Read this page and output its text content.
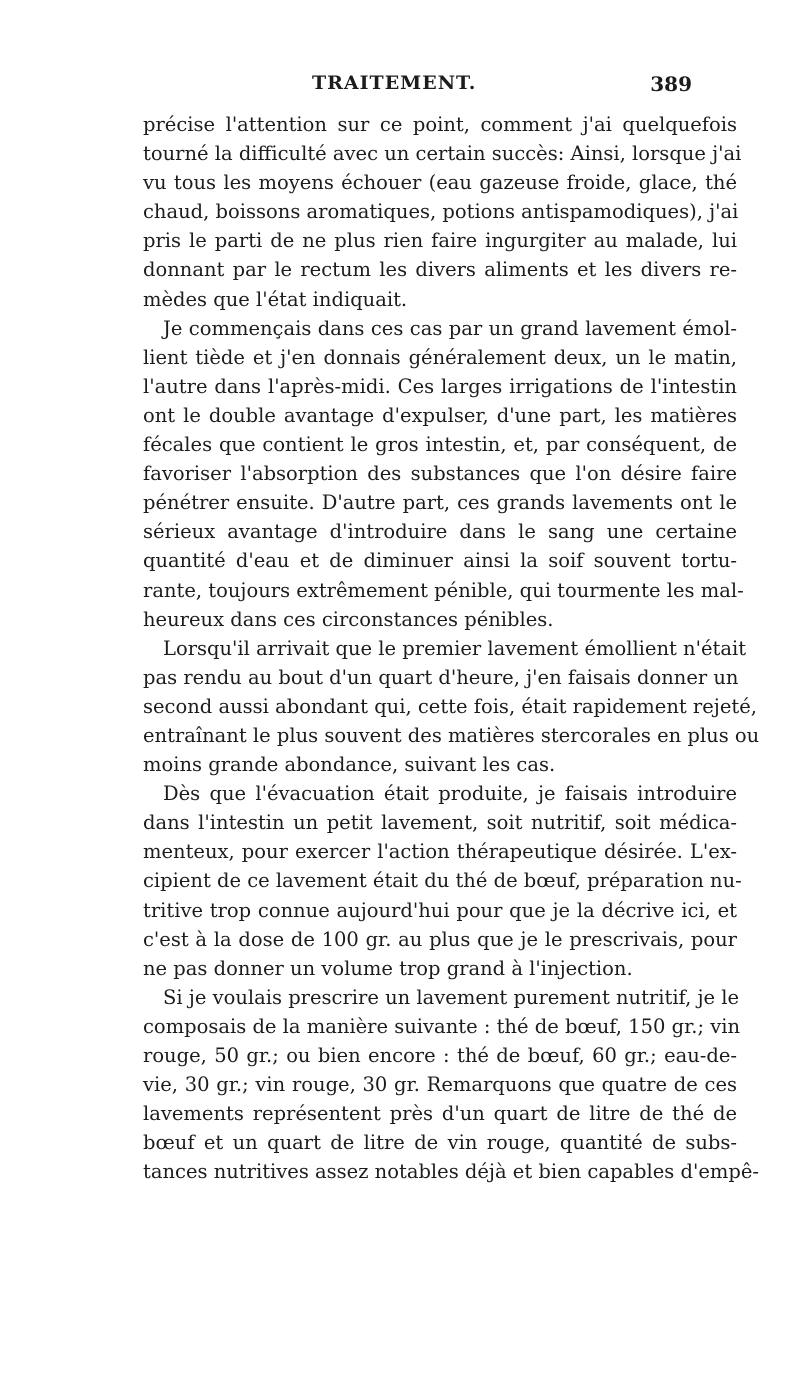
TRAITEMENT.	389
précise l'attention sur ce point, comment j'ai quelquefois
tourné la difficulté avec un certain succès: Ainsi, lorsque j'ai
vu tous les moyens échouer (eau gazeuse froide, glace, thé
chaud, boissons aromatiques, potions antispamodiques), j'ai
pris le parti de ne plus rien faire ingurgiter au malade, lui
donnant par le rectum les divers aliments et les divers re-
mèdes que l'état indiquait.
Je commençais dans ces cas par un grand lavement émol-
lient tiède et j'en donnais généralement deux, un le matin,
l'autre dans l'après-midi. Ces larges irrigations de l'intestin
ont le double avantage d'expulser, d'une part, les matières
fécales que contient le gros intestin, et, par conséquent, de
favoriser l'absorption des substances que l'on désire faire
pénétrer ensuite. D'autre part, ces grands lavements ont le
sérieux avantage d'introduire dans le sang une certaine
quantité d'eau et de diminuer ainsi la soif souvent tortu-
rante, toujours extrêmement pénible, qui tourmente les mal-
heureux dans ces circonstances pénibles.
Lorsqu'il arrivait que le premier lavement émollient n'était
pas rendu au bout d'un quart d'heure, j'en faisais donner un
second aussi abondant qui, cette fois, était rapidement rejeté,
entraînant le plus souvent des matières stercorales en plus ou
moins grande abondance, suivant les cas.
Dès que l'évacuation était produite, je faisais introduire
dans l'intestin un petit lavement, soit nutritif, soit médica-
menteux, pour exercer l'action thérapeutique désirée. L'ex-
cipient de ce lavement était du thé de bœuf, préparation nu-
tritive trop connue aujourd'hui pour que je la décrive ici, et
c'est à la dose de 100 gr. au plus que je le prescrivais, pour
ne pas donner un volume trop grand à l'injection.
Si je voulais prescrire un lavement purement nutritif, je le
composais de la manière suivante : thé de bœuf, 150 gr.; vin
rouge, 50 gr.; ou bien encore : thé de bœuf, 60 gr.; eau-de-
vie, 30 gr.; vin rouge, 30 gr. Remarquons que quatre de ces
lavements représentent près d'un quart de litre de thé de
bœuf et un quart de litre de vin rouge, quantité de subs-
tances nutritives assez notables déjà et bien capables d'empê-
